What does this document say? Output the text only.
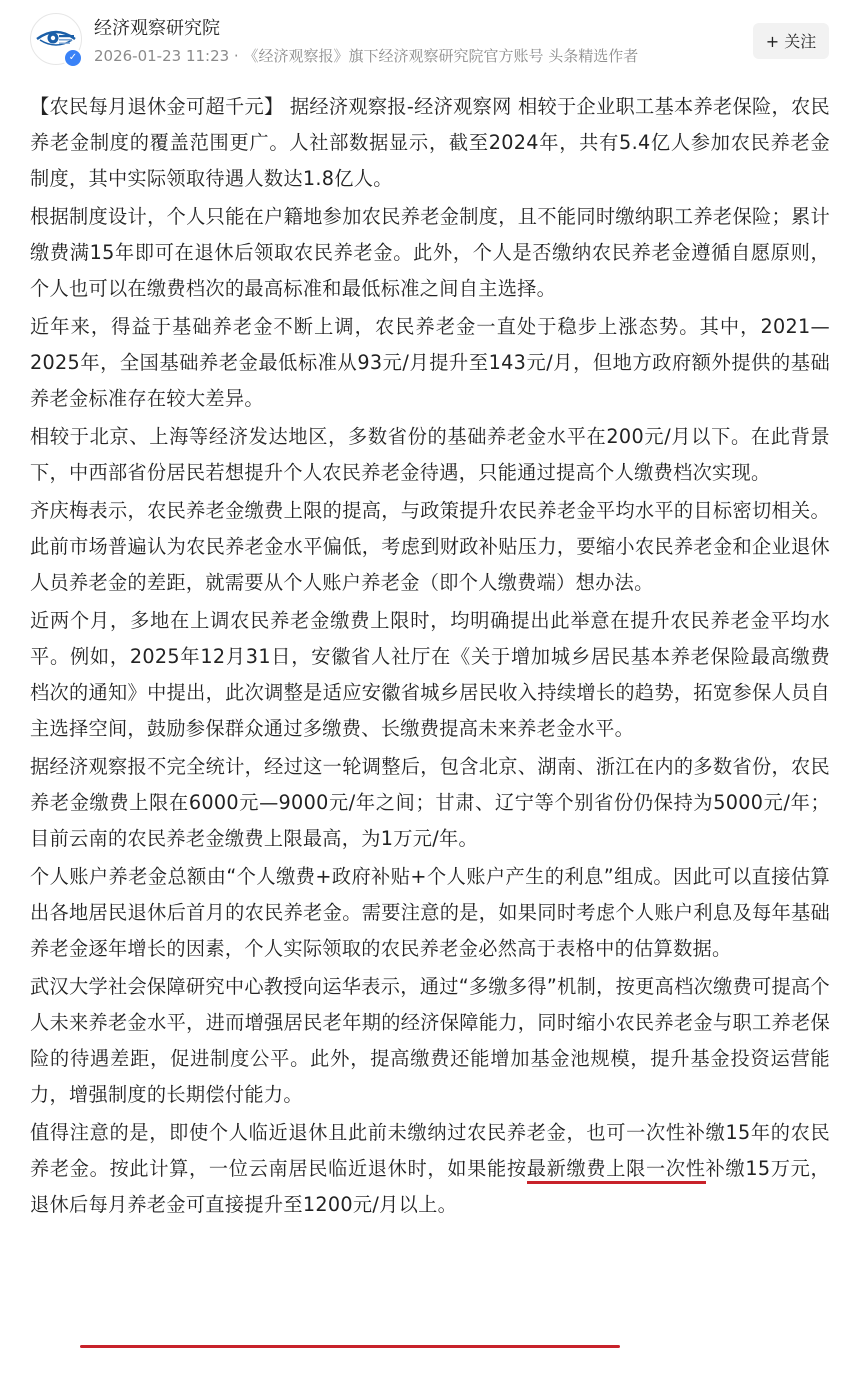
✓
经济观察研究院
2026-01-23 11:23 · 《经济观察报》旗下经济观察研究院官方账号 头条精选作者
+ 关注

【农民每月退休金可超千元】 据经济观察报-经济观察网 相较于企业职工基本养老保险，农民养老金制度的覆盖范围更广。人社部数据显示，截至2024年，共有5.4亿人参加农民养老金制度，其中实际领取待遇人数达1.8亿人。

根据制度设计，个人只能在户籍地参加农民养老金制度，且不能同时缴纳职工养老保险；累计缴费满15年即可在退休后领取农民养老金。此外，个人是否缴纳农民养老金遵循自愿原则，个人也可以在缴费档次的最高标准和最低标准之间自主选择。

近年来，得益于基础养老金不断上调，农民养老金一直处于稳步上涨态势。其中，2021—2025年，全国基础养老金最低标准从93元/月提升至143元/月，但地方政府额外提供的基础养老金标准存在较大差异。

相较于北京、上海等经济发达地区，多数省份的基础养老金水平在200元/月以下。在此背景下，中西部省份居民若想提升个人农民养老金待遇，只能通过提高个人缴费档次实现。

齐庆梅表示，农民养老金缴费上限的提高，与政策提升农民养老金平均水平的目标密切相关。此前市场普遍认为农民养老金水平偏低，考虑到财政补贴压力，要缩小农民养老金和企业退休人员养老金的差距，就需要从个人账户养老金（即个人缴费端）想办法。

近两个月，多地在上调农民养老金缴费上限时，均明确提出此举意在提升农民养老金平均水平。例如，2025年12月31日，安徽省人社厅在《关于增加城乡居民基本养老保险最高缴费档次的通知》中提出，此次调整是适应安徽省城乡居民收入持续增长的趋势，拓宽参保人员自主选择空间，鼓励参保群众通过多缴费、长缴费提高未来养老金水平。

据经济观察报不完全统计，经过这一轮调整后，包含北京、湖南、浙江在内的多数省份，农民养老金缴费上限在6000元—9000元/年之间；甘肃、辽宁等个别省份仍保持为5000元/年；目前云南的农民养老金缴费上限最高，为1万元/年。

个人账户养老金总额由“个人缴费+政府补贴+个人账户产生的利息”组成。因此可以直接估算出各地居民退休后首月的农民养老金。需要注意的是，如果同时考虑个人账户利息及每年基础养老金逐年增长的因素，个人实际领取的农民养老金必然高于表格中的估算数据。

武汉大学社会保障研究中心教授向运华表示，通过“多缴多得”机制，按更高档次缴费可提高个人未来养老金水平，进而增强居民老年期的经济保障能力，同时缩小农民养老金与职工养老保险的待遇差距，促进制度公平。此外，提高缴费还能增加基金池规模，提升基金投资运营能力，增强制度的长期偿付能力。

值得注意的是，即使个人临近退休且此前未缴纳过农民养老金，也可一次性补缴15年的农民养老金。按此计算，一位云南居民临近退休时，如果能按最新缴费上限一次性补缴15万元，退休后每月养老金可直接提升至1200元/月以上。
